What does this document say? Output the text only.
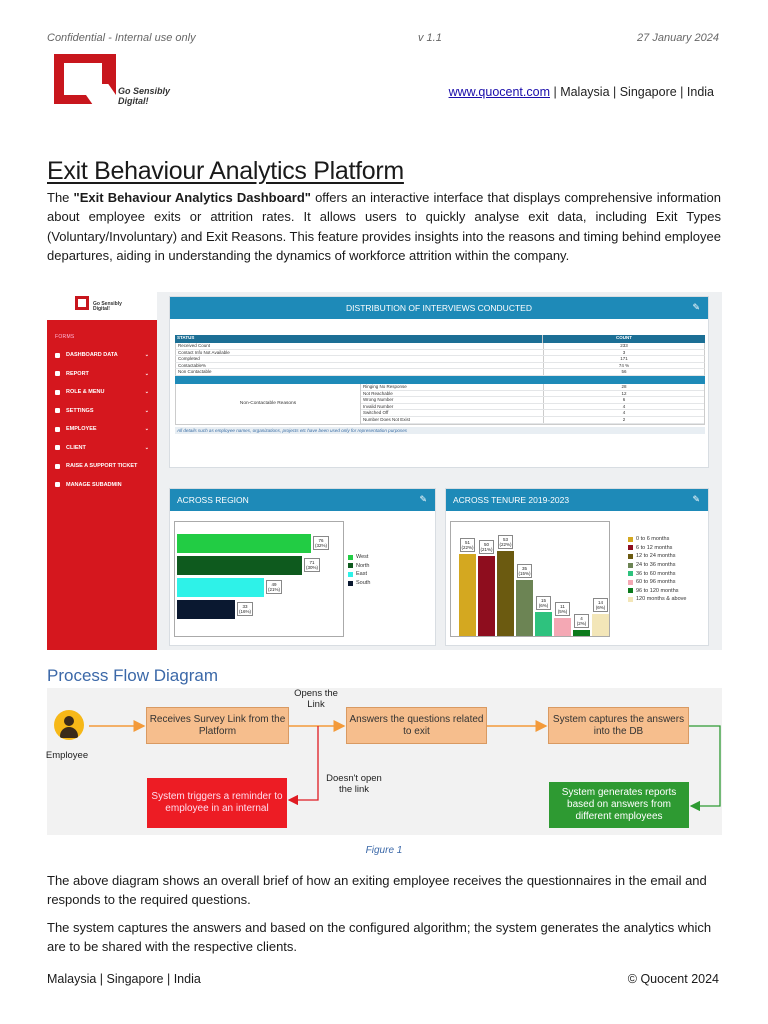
Confidential - Internal use only	v 1.1	27 January 2024
Go Sensibly
Digital!
www.quocent.com | Malaysia | Singapore | India
Exit Behaviour Analytics Platform

The "Exit Behaviour Analytics Dashboard" offers an interactive interface that displays comprehensive information about employee exits or attrition rates. It allows users to quickly analyse exit data, including Exit Types (Voluntary/Involuntary) and Exit Reasons. This feature provides insights into the reasons and timing behind employee departures, aiding in understanding the dynamics of workforce attrition within the company.

Go Sensibly
Digital!
FORMS
DASHBOARD DATA	⌄
REPORT	⌄
ROLE & MENU	⌄
SETTINGS	⌄
EMPLOYEE	⌄
CLIENT	⌄
RAISE A SUPPORT TICKET
MANAGE SUBADMIN
DISTRIBUTION OF INTERVIEWS CONDUCTED	✎
STATUS	COUNT
Received Count	233
Contact Info Not Available	3
Completed	171
Contactable%	74 %
Non Contactable	56
Non-Contactable Reasons
Ringing No Response	28
Not Reachable	12
Wrong Number	6
Invalid Number	4
Switched Off	4
Number Does Not Exist	2
All details such as employee names, organizations, projects etc have been used only for representation purposes
ACROSS REGION	✎
76
(32%)
71
(30%)
49
(21%)
33
(16%)
West
North
East
South
ACROSS TENURE 2019-2023	✎
51
(22%)
50
(21%)
53
(22%)
35
(15%)
15
(6%)	11
(5%)
4
(2%)
14
(6%)
0 to 6 months
6 to 12 months
12 to 24 months
24 to 36 months
36 to 60 months
60 to 96 months
96 to 120 months
120 months & above
Process Flow Diagram
Employee
Receives Survey Link from the Platform
Answers the questions related to exit
System captures the answers into the DB
System triggers a reminder to employee in an internal
System generates reports based on answers from different employees
Opens the Link
Doesn't open the link
Figure 1

The above diagram shows an overall brief of how an exiting employee receives the questionnaires in the email and responds to the required questions.

The system captures the answers and based on the configured algorithm; the system generates the analytics which are to be shared with the respective clients.

Malaysia | Singapore | India	© Quocent 2024
